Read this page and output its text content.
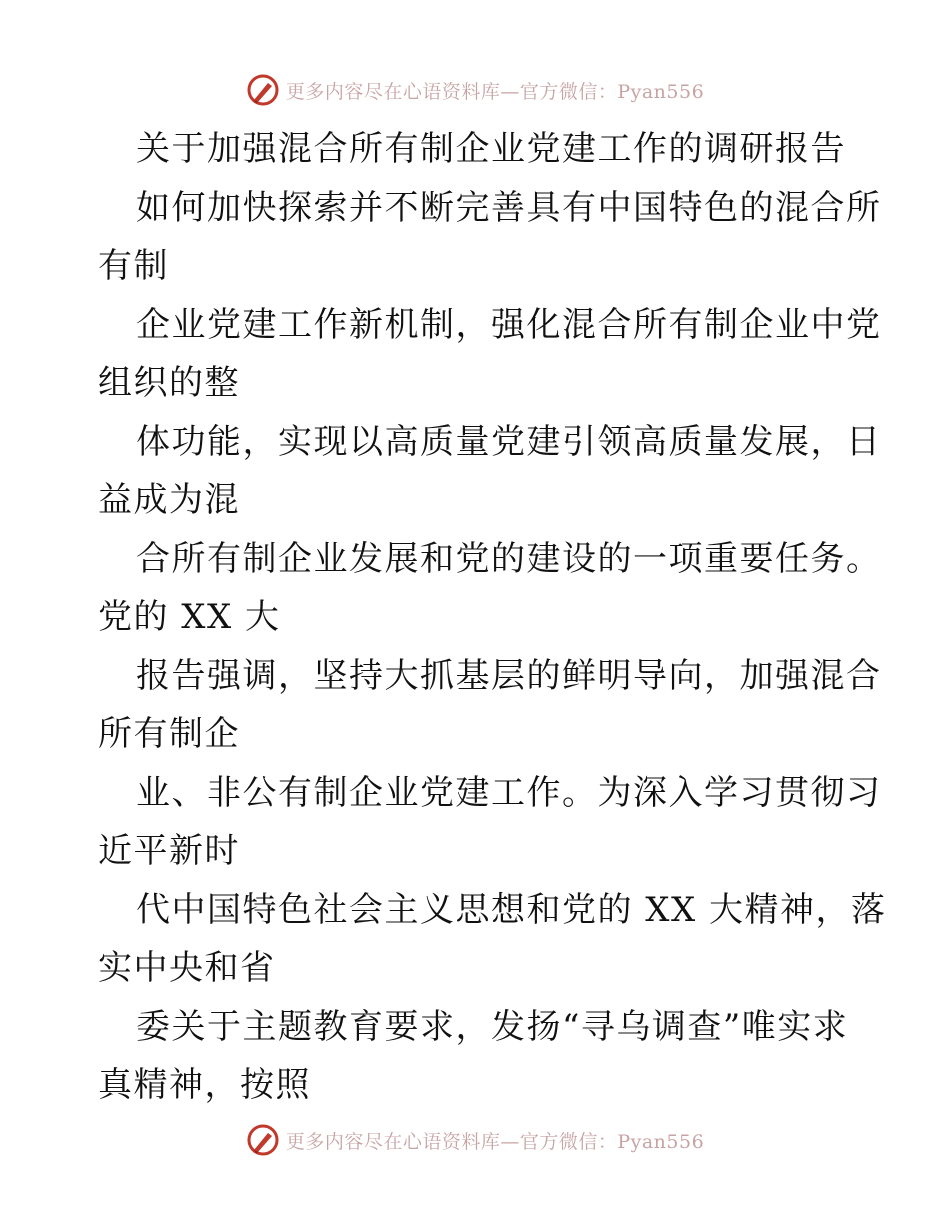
更多内容尽在心语资料库—官方微信：Pyan556
关于加强混合所有制企业党建工作的调研报告
如何加快探索并不断完善具有中国特色的混合所
有制
企业党建工作新机制，强化混合所有制企业中党
组织的整
体功能，实现以高质量党建引领高质量发展，日
益成为混
合所有制企业发展和党的建设的一项重要任务。
党的 XX 大
报告强调，坚持大抓基层的鲜明导向，加强混合
所有制企
业、非公有制企业党建工作。为深入学习贯彻习
近平新时
代中国特色社会主义思想和党的 XX 大精神，落
实中央和省
委关于主题教育要求，发扬“寻乌调查”唯实求
真精神，按照
更多内容尽在心语资料库—官方微信：Pyan556
